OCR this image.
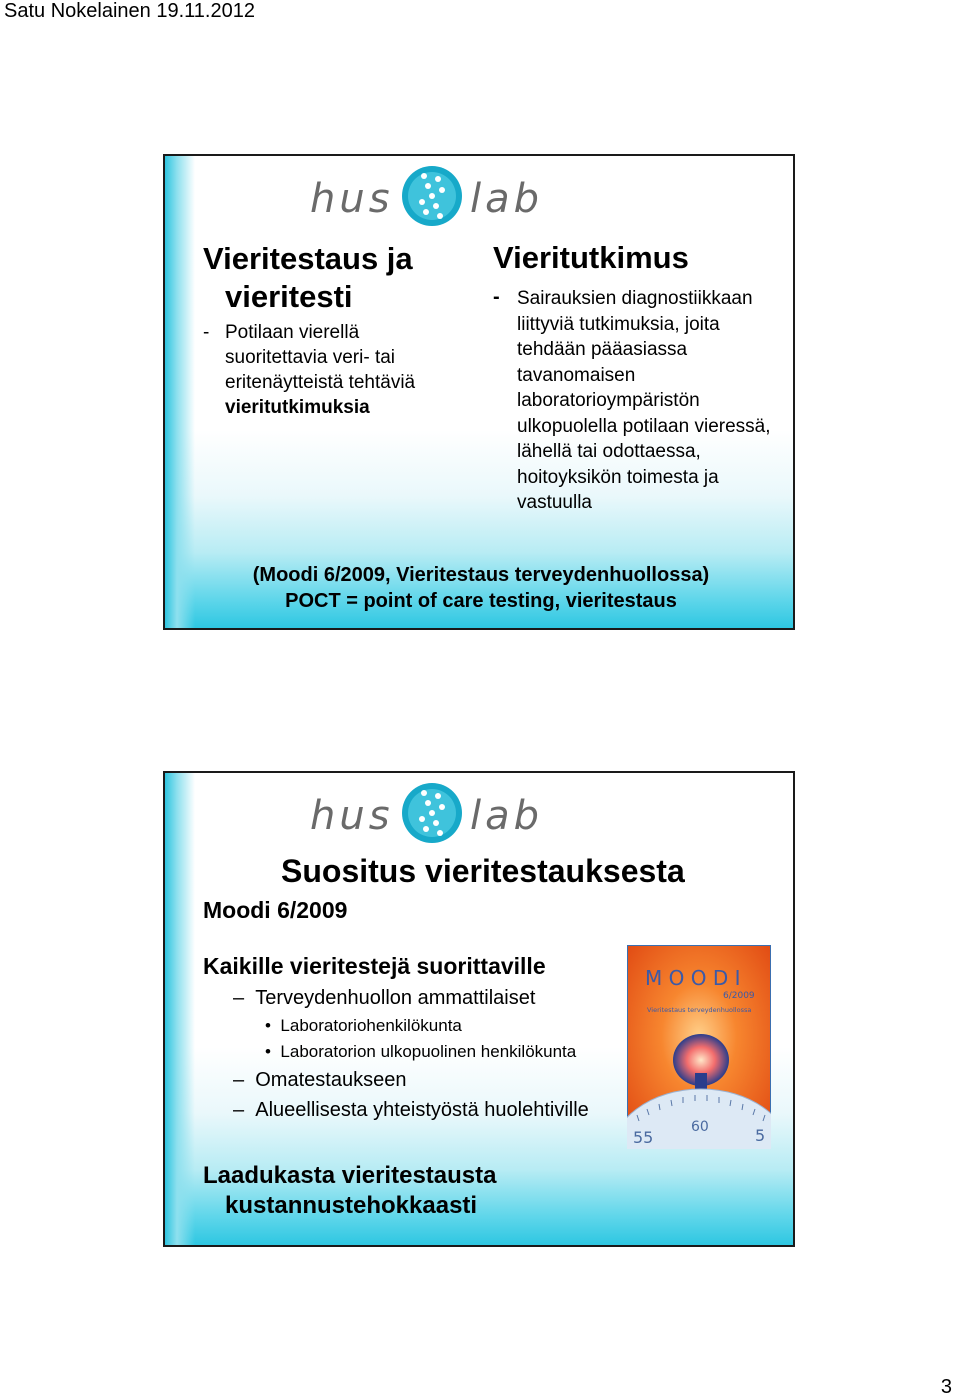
Satu Nokelainen 19.11.2012
hus lab
Vieritestaus ja
vieritesti
- Potilaan vierellä suoritettavia veri- tai eritenäytteistä tehtäviä vieritutkimuksia
Vieritutkimus
- Sairauksien diagnostiikkaan liittyviä tutkimuksia, joita tehdään pääasiassa tavanomaisen laboratorioympäristön ulkopuolella potilaan vieressä, lähellä tai odottaessa, hoitoyksikön toimesta ja vastuulla
(Moodi 6/2009, Vieritestaus terveydenhuollossa)
POCT = point of care testing, vieritestaus
hus lab
Suositus vieritestauksesta
Moodi 6/2009
Kaikille vieritestejä suorittaville
– Terveydenhuollon ammattilaiset
• Laboratoriohenkilökunta
• Laboratorion ulkopuolinen henkilökunta
– Omatestaukseen
– Alueellisesta yhteistyöstä huolehtiville
Laadukasta vieritestausta
kustannustehokkaasti
M O O D I
6/2009
Vieritestaus terveydenhuollossa
55
60	5
3
